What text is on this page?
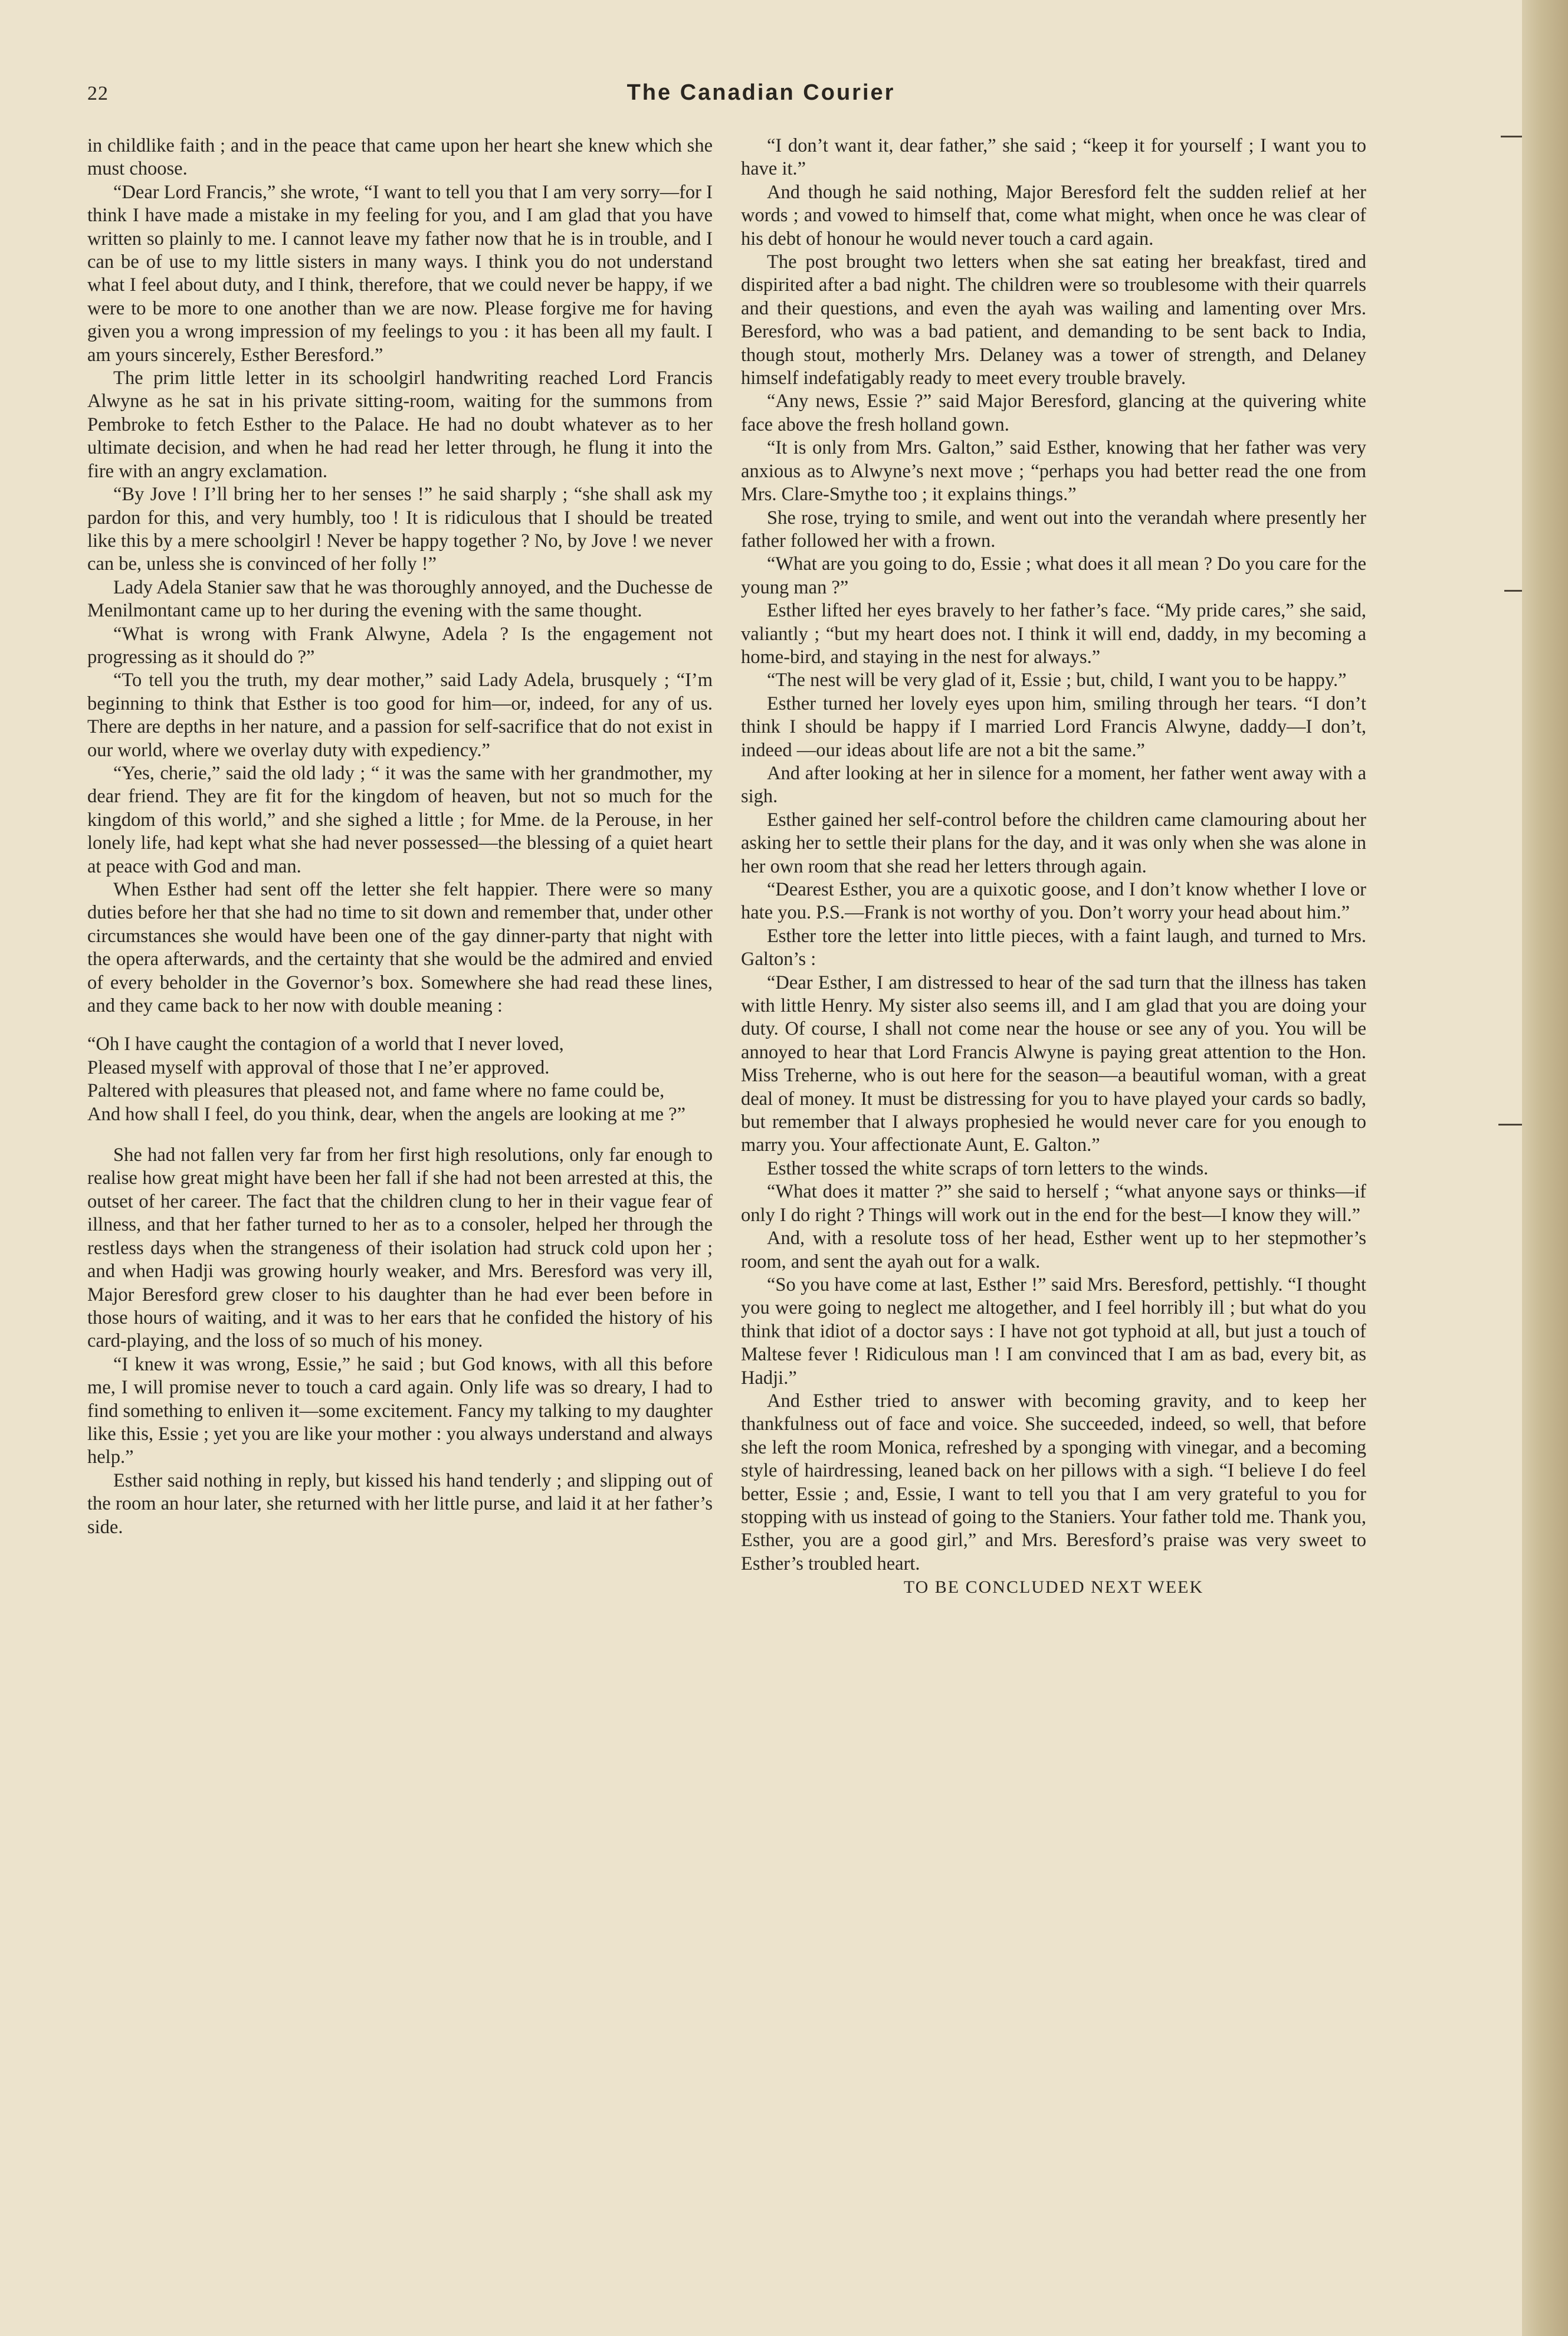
22	The Canadian Courier

in childlike faith ; and in the peace that came upon her heart she knew which she must choose.

“Dear Lord Francis,” she wrote, “I want to tell you that I am very sorry—for I think I have made a mistake in my feeling for you, and I am glad that you have written so plainly to me. I cannot leave my father now that he is in trouble, and I can be of use to my little sisters in many ways. I think you do not understand what I feel about duty, and I think, therefore, that we could never be happy, if we were to be more to one another than we are now. Please forgive me for having given you a wrong impression of my feelings to you : it has been all my fault. I am yours sincerely, Esther Beresford.”

The prim little letter in its schoolgirl handwriting reached Lord Francis Alwyne as he sat in his private sitting-room, waiting for the summons from Pembroke to fetch Esther to the Palace. He had no doubt whatever as to her ultimate decision, and when he had read her letter through, he flung it into the fire with an angry exclamation.

“By Jove ! I’ll bring her to her senses !” he said sharply ; “she shall ask my pardon for this, and very humbly, too ! It is ridiculous that I should be treated like this by a mere schoolgirl ! Never be happy together ? No, by Jove ! we never can be, unless she is convinced of her folly !”

Lady Adela Stanier saw that he was thoroughly annoyed, and the Duchesse de Menilmontant came up to her during the evening with the same thought.

“What is wrong with Frank Alwyne, Adela ? Is the engagement not progressing as it should do ?”

“To tell you the truth, my dear mother,” said Lady Adela, brusquely ; “I’m beginning to think that Esther is too good for him—or, indeed, for any of us. There are depths in her nature, and a passion for self-sacrifice that do not exist in our world, where we overlay duty with expediency.”

“Yes, cherie,” said the old lady ; “ it was the same with her grandmother, my dear friend. They are fit for the kingdom of heaven, but not so much for the kingdom of this world,” and she sighed a little ; for Mme. de la Perouse, in her lonely life, had kept what she had never possessed—the blessing of a quiet heart at peace with God and man.

When Esther had sent off the letter she felt happier. There were so many duties before her that she had no time to sit down and remember that, under other circumstances she would have been one of the gay dinner-party that night with the opera afterwards, and the certainty that she would be the admired and envied of every beholder in the Governor’s box. Somewhere she had read these lines, and they came back to her now with double meaning :

“Oh I have caught the contagion of a world that I never loved,
Pleased myself with approval of those that I ne’er approved.
Paltered with pleasures that pleased not, and fame where no fame could be,
And how shall I feel, do you think, dear, when the angels are looking at me ?”

She had not fallen very far from her first high resolutions, only far enough to realise how great might have been her fall if she had not been arrested at this, the outset of her career. The fact that the children clung to her in their vague fear of illness, and that her father turned to her as to a consoler, helped her through the restless days when the strangeness of their isolation had struck cold upon her ; and when Hadji was growing hourly weaker, and Mrs. Beresford was very ill, Major Beresford grew closer to his daughter than he had ever been before in those hours of waiting, and it was to her ears that he confided the history of his card-playing, and the loss of so much of his money.

“I knew it was wrong, Essie,” he said ; but God knows, with all this before me, I will promise never to touch a card again. Only life was so dreary, I had to find something to enliven it—some excitement. Fancy my talking to my daughter like this, Essie ; yet you are like your mother : you always understand and always help.”

Esther said nothing in reply, but kissed his hand tenderly ; and slipping out of the room an hour later, she returned with her little purse, and laid it at her father’s side.

“I don’t want it, dear father,” she said ; “keep it for yourself ; I want you to have it.”

And though he said nothing, Major Beresford felt the sudden relief at her words ; and vowed to himself that, come what might, when once he was clear of his debt of honour he would never touch a card again.

The post brought two letters when she sat eating her breakfast, tired and dispirited after a bad night. The children were so troublesome with their quarrels and their questions, and even the ayah was wailing and lamenting over Mrs. Beresford, who was a bad patient, and demanding to be sent back to India, though stout, motherly Mrs. Delaney was a tower of strength, and Delaney himself indefatigably ready to meet every trouble bravely.

“Any news, Essie ?” said Major Beresford, glancing at the quivering white face above the fresh holland gown.

“It is only from Mrs. Galton,” said Esther, knowing that her father was very anxious as to Alwyne’s next move ; “perhaps you had better read the one from Mrs. Clare-Smythe too ; it explains things.”

She rose, trying to smile, and went out into the verandah where presently her father followed her with a frown.

“What are you going to do, Essie ; what does it all mean ? Do you care for the young man ?”

Esther lifted her eyes bravely to her father’s face. “My pride cares,” she said, valiantly ; “but my heart does not. I think it will end, daddy, in my becoming a home-bird, and staying in the nest for always.”

“The nest will be very glad of it, Essie ; but, child, I want you to be happy.”

Esther turned her lovely eyes upon him, smiling through her tears. “I don’t think I should be happy if I married Lord Francis Alwyne, daddy—I don’t, indeed —our ideas about life are not a bit the same.”

And after looking at her in silence for a moment, her father went away with a sigh.

Esther gained her self-control before the children came clamouring about her asking her to settle their plans for the day, and it was only when she was alone in her own room that she read her letters through again.

“Dearest Esther, you are a quixotic goose, and I don’t know whether I love or hate you. P.S.—Frank is not worthy of you. Don’t worry your head about him.”

Esther tore the letter into little pieces, with a faint laugh, and turned to Mrs. Galton’s :

“Dear Esther, I am distressed to hear of the sad turn that the illness has taken with little Henry. My sister also seems ill, and I am glad that you are doing your duty. Of course, I shall not come near the house or see any of you. You will be annoyed to hear that Lord Francis Alwyne is paying great attention to the Hon. Miss Treherne, who is out here for the season—a beautiful woman, with a great deal of money. It must be distressing for you to have played your cards so badly, but remember that I always prophesied he would never care for you enough to marry you. Your affectionate Aunt, E. Galton.”

Esther tossed the white scraps of torn letters to the winds.

“What does it matter ?” she said to herself ; “what anyone says or thinks—if only I do right ? Things will work out in the end for the best—I know they will.”

And, with a resolute toss of her head, Esther went up to her stepmother’s room, and sent the ayah out for a walk.

“So you have come at last, Esther !” said Mrs. Beresford, pettishly. “I thought you were going to neglect me altogether, and I feel horribly ill ; but what do you think that idiot of a doctor says : I have not got typhoid at all, but just a touch of Maltese fever ! Ridiculous man ! I am convinced that I am as bad, every bit, as Hadji.”

And Esther tried to answer with becoming gravity, and to keep her thankfulness out of face and voice. She succeeded, indeed, so well, that before she left the room Monica, refreshed by a sponging with vinegar, and a becoming style of hairdressing, leaned back on her pillows with a sigh. “I believe I do feel better, Essie ; and, Essie, I want to tell you that I am very grateful to you for stopping with us instead of going to the Staniers. Your father told me. Thank you, Esther, you are a good girl,” and Mrs. Beresford’s praise was very sweet to Esther’s troubled heart.

TO BE CONCLUDED NEXT WEEK
